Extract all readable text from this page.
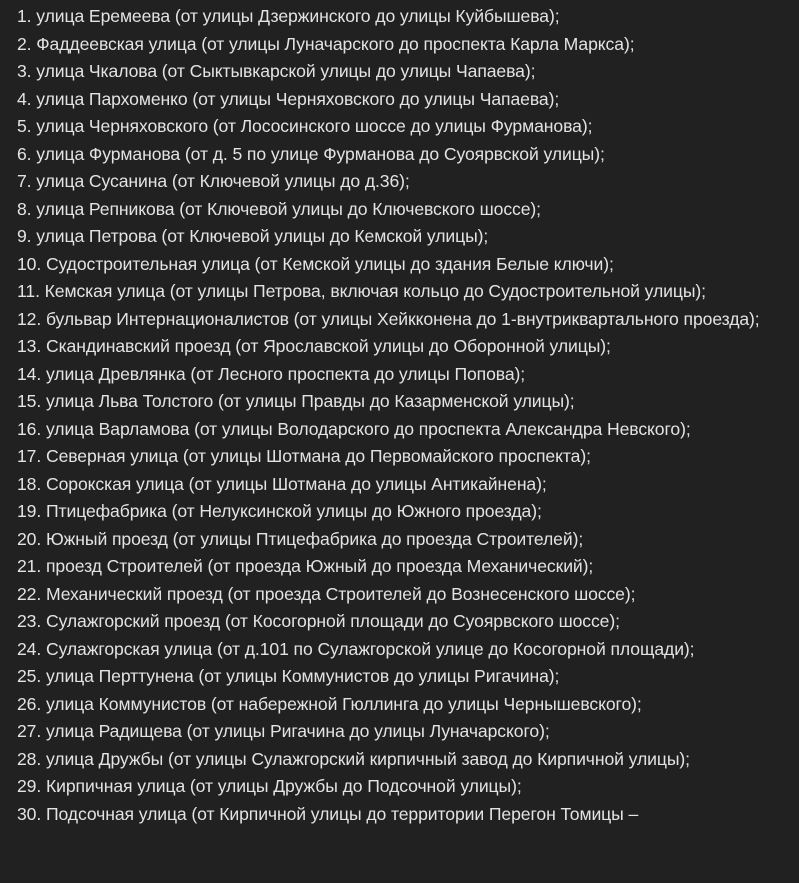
1. улица Еремеева (от улицы Дзержинского до улицы Куйбышева);

2. Фаддеевская улица (от улицы Луначарского до проспекта Карла Маркса);

3. улица Чкалова (от Сыктывкарской улицы до улицы Чапаева);

4. улица Пархоменко (от улицы Черняховского до улицы Чапаева);

5. улица Черняховского (от Лососинского шоссе до улицы Фурманова);

6. улица Фурманова (от д. 5 по улице Фурманова до Суоярвской улицы);

7. улица Сусанина (от Ключевой улицы до д.36);

8. улица Репникова (от Ключевой улицы до Ключевского шоссе);

9. улица Петрова (от Ключевой улицы до Кемской улицы);

10. Судостроительная улица (от Кемской улицы до здания Белые ключи);

11. Кемская улица (от улицы Петрова, включая кольцо до Судостроительной улицы);

12. бульвар Интернационалистов (от улицы Хейкконена до 1-внутриквартального проезда);

13. Скандинавский проезд (от Ярославской улицы до Оборонной улицы);

14. улица Древлянка (от Лесного проспекта до улицы Попова);

15. улица Льва Толстого (от улицы Правды до Казарменской улицы);

16. улица Варламова (от улицы Володарского до проспекта Александра Невского);

17. Северная улица (от улицы Шотмана до Первомайского проспекта);

18. Сорокская улица (от улицы Шотмана до улицы Антикайнена);

19. Птицефабрика (от Нелуксинской улицы до Южного проезда);

20. Южный проезд (от улицы Птицефабрика до проезда Строителей);

21. проезд Строителей (от проезда Южный до проезда Механический);

22. Механический проезд (от проезда Строителей до Вознесенского шоссе);

23. Сулажгорский проезд (от Косогорной площади до Суоярвского шоссе);

24. Сулажгорская улица (от д.101 по Сулажгорской улице до Косогорной площади);

25. улица Перттунена (от улицы Коммунистов до улицы Ригачина);

26. улица Коммунистов (от набережной Гюллинга до улицы Чернышевского);

27. улица Радищева (от улицы Ригачина до улицы Луначарского);

28. улица Дружбы (от улицы Сулажгорский кирпичный завод до Кирпичной улицы);

29. Кирпичная улица (от улицы Дружбы до Подсочной улицы);

30. Подсочная улица (от Кирпичной улицы до территории Перегон Томицы –
